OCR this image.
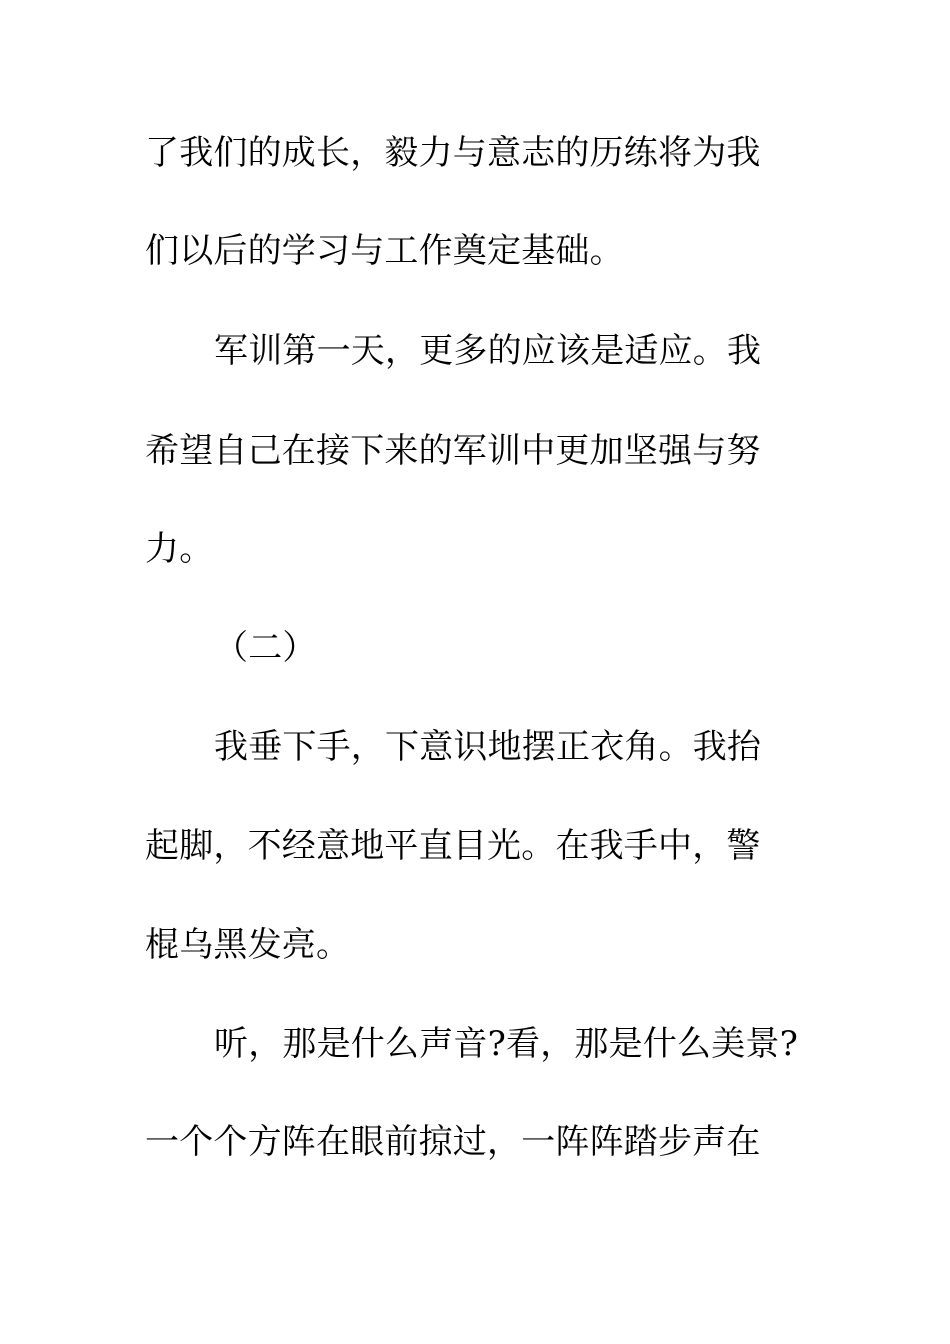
了我们的成长，毅力与意志的历练将为我
们以后的学习与工作奠定基础。
军训第一天，更多的应该是适应。我
希望自己在接下来的军训中更加坚强与努
力。
（二）
我垂下手，下意识地摆正衣角。我抬
起脚，不经意地平直目光。在我手中，警
棍乌黑发亮。
听，那是什么声音?看，那是什么美景?
一个个方阵在眼前掠过，一阵阵踏步声在
